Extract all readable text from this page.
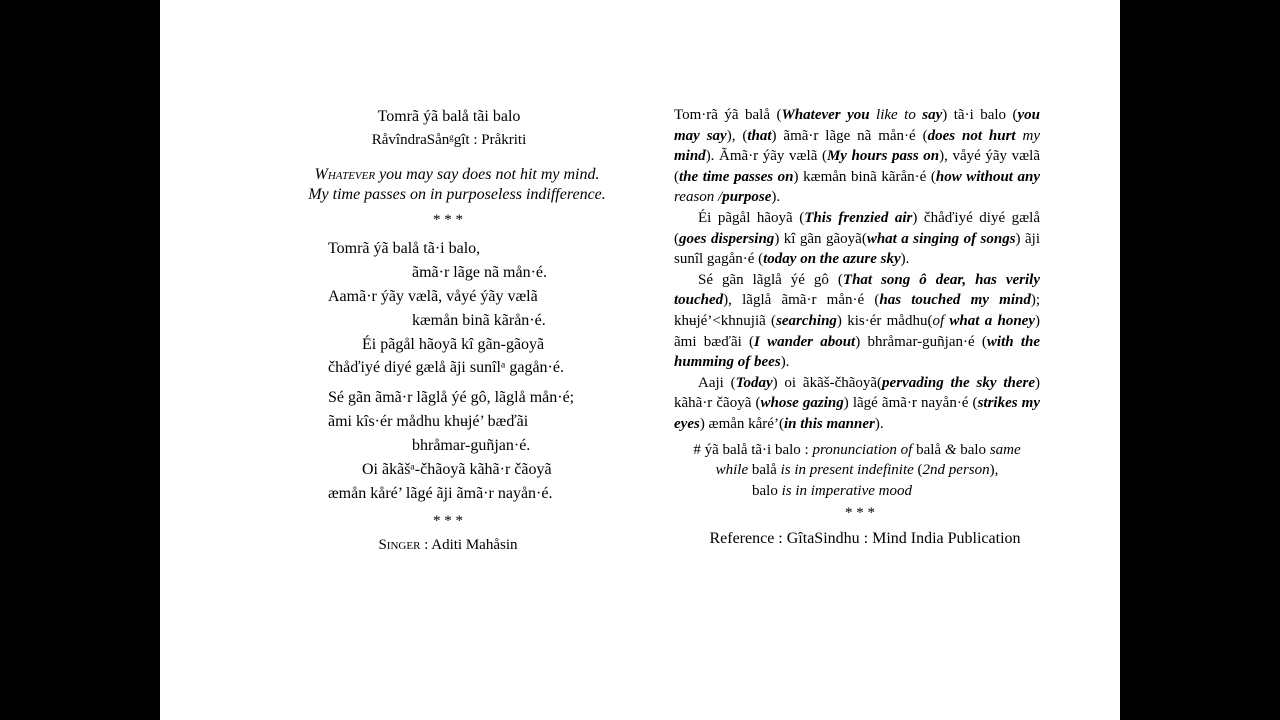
Tomrã ýã balå tãi balo
RåvîndraSånᵍgît : Pråkriti
Whatever you may say does not hit my mind.
My time passes on in purposeless indifference.
* * *
Tomrã ýã balå tã·i balo,
ãmã·r lãge nã mån·é.
Aamã·r ýãy vælã, våyé ýãy vælã
kæmån binã kãrån·é.
Éi pãgål hãoyã kî gãn-gãoyã
čhåďiyé diyé gælå ãji sunîlᵃ gagån·é.
Sé gãn ãmã·r lãglå ýé gô, lãglå mån·é;
ãmi kîs·ér mådhu khʉjé’ bæďãi
bhråmar-guñjan·é.
Oi ãkãšᵃ-čhãoyã kãhã·r čãoyã
æmån kåré’ lãgé ãji ãmã·r nayån·é.
* * *
Singer : Aditi Mahåsin

Tom·rã ýã balå (Whatever you like to say) tã·i balo (you may say), (that) ãmã·r lãge nã mån·é (does not hurt my mind). Ãmã·r ýãy vælã (My hours pass on), våyé ýãy vælã (the time passes on) kæmån binã kãrån·é (how without any reason /purpose).

Éi pãgål hãoyã (This frenzied air) čhåďiyé diyé gælå (goes dispersing) kî gãn gãoyã(what a singing of songs) ãji sunîl gagån·é (today on the azure sky).

Sé gãn lãglå ýé gô (That song ô dear, has verily touched), lãglå ãmã·r mån·é (has touched my mind); khʉjé’<khnujiã (searching) kis·ér mådhu(of what a honey) ãmi bæďãi (I wander about) bhråmar-guñjan·é (with the humming of bees).

Aaji (Today) oi ãkãš-čhãoyã(pervading the sky there) kãhã·r čãoyã (whose gazing) lãgé ãmã·r nayån·é (strikes my eyes) æmån kåré’(in this manner).

# ýã balå tã·i balo : pronunciation of balå & balo same
while balå is in present indefinite (2nd person),
balo is in imperative mood
* * *
Reference : GîtaSindhu : Mind India Publication
